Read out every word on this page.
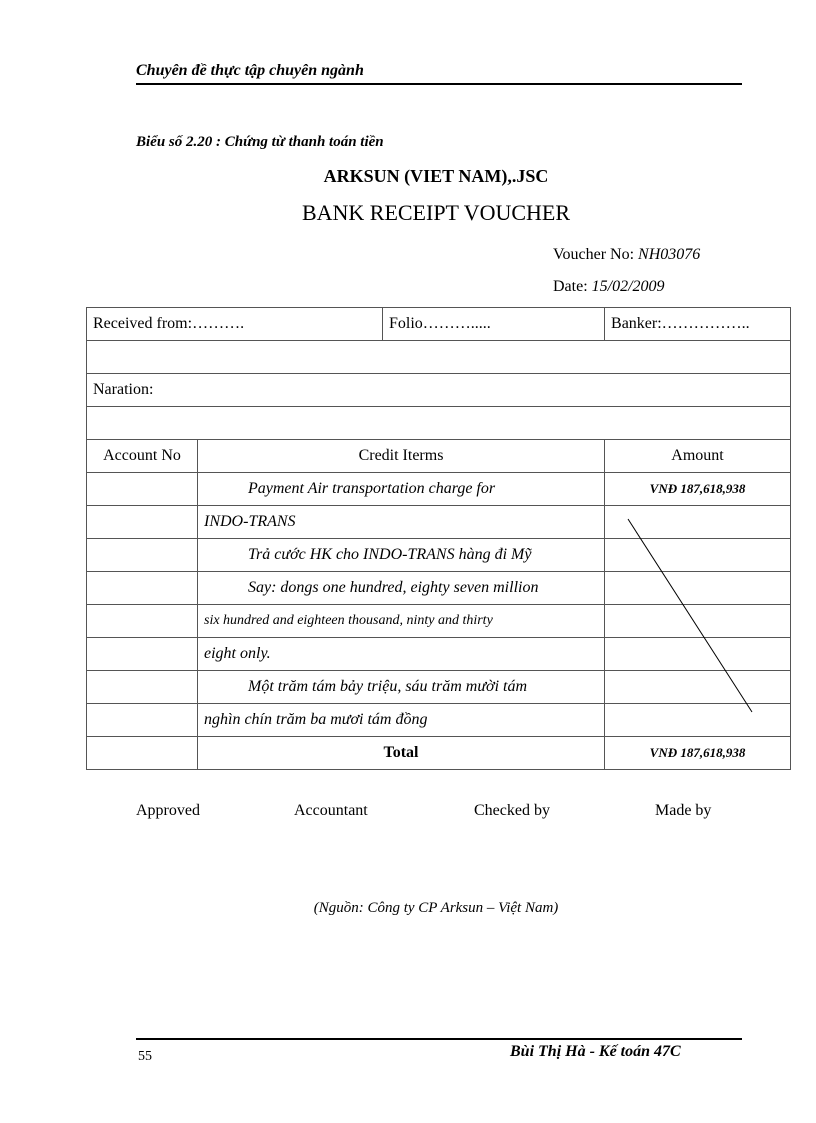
Chuyên đề thực tập chuyên ngành
Biểu số 2.20 : Chứng từ thanh toán tiền
ARKSUN (VIET NAM),.JSC
BANK RECEIPT VOUCHER
Voucher No: NH03076
Date: 15/02/2009
Received from:……….		Folio……….....	Banker:……………..

Naration:			

Account No	Credit Iterms		Amount
	Payment Air transportation charge for		VNĐ 187,618,938
	INDO-TRANS		
	Trả cước HK cho INDO-TRANS hàng đi Mỹ		
	Say: dongs one hundred, eighty seven million		
	six hundred and eighteen thousand, ninty and thirty		
	eight only.		
	Một trăm tám bảy triệu, sáu trăm mười tám		
	nghìn chín trăm ba mươi tám đồng		
	Total		VNĐ 187,618,938
Approved	Accountant	Checked by	Made by
(Nguồn: Công ty CP Arksun – Việt Nam)
55	Bùi Thị Hà - Kế toán 47C
